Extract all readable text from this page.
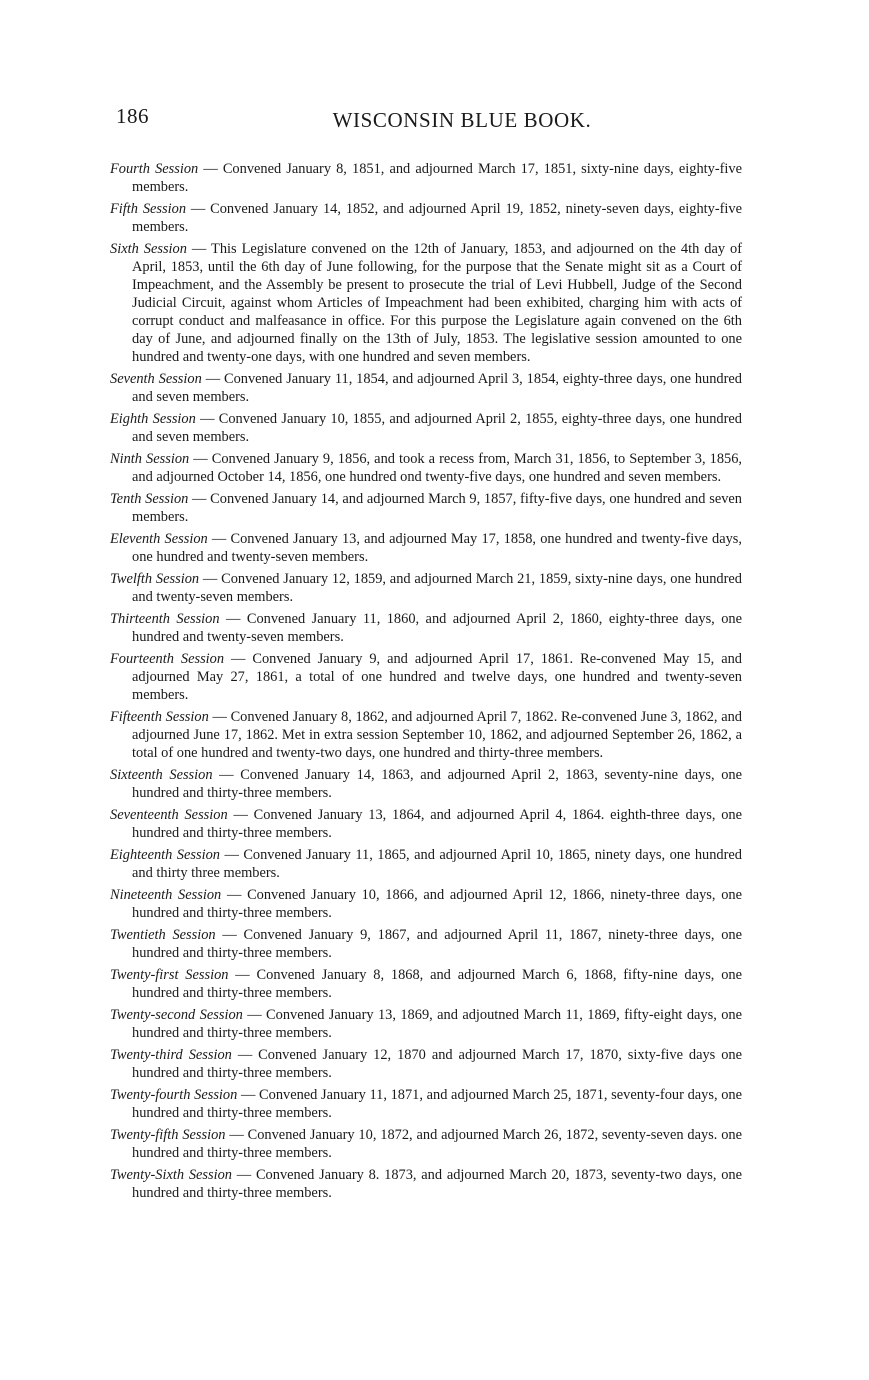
186	WISCONSIN BLUE BOOK.

Fourth Session — Convened January 8, 1851, and adjourned March 17, 1851, sixty-nine days, eighty-five members.

Fifth Session — Convened January 14, 1852, and adjourned April 19, 1852, ninety-seven days, eighty-five members.

Sixth Session — This Legislature convened on the 12th of January, 1853, and adjourned on the 4th day of April, 1853, until the 6th day of June following, for the purpose that the Senate might sit as a Court of Impeachment, and the Assembly be present to prosecute the trial of Levi Hubbell, Judge of the Second Judicial Circuit, against whom Articles of Impeachment had been exhibited, charging him with acts of corrupt conduct and malfeasance in office. For this purpose the Legislature again convened on the 6th day of June, and adjourned finally on the 13th of July, 1853. The legislative session amounted to one hundred and twenty-one days, with one hundred and seven members.

Seventh Session — Convened January 11, 1854, and adjourned April 3, 1854, eighty-three days, one hundred and seven members.

Eighth Session — Convened January 10, 1855, and adjourned April 2, 1855, eighty-three days, one hundred and seven members.

Ninth Session — Convened January 9, 1856, and took a recess from, March 31, 1856, to September 3, 1856, and adjourned October 14, 1856, one hundred ond twenty-five days, one hundred and seven members.

Tenth Session — Convened January 14, and adjourned March 9, 1857, fifty-five days, one hundred and seven members.

Eleventh Session — Convened January 13, and adjourned May 17, 1858, one hundred and twenty-five days, one hundred and twenty-seven members.

Twelfth Session — Convened January 12, 1859, and adjourned March 21, 1859, sixty-nine days, one hundred and twenty-seven members.

Thirteenth Session — Convened January 11, 1860, and adjourned April 2, 1860, eighty-three days, one hundred and twenty-seven members.

Fourteenth Session — Convened January 9, and adjourned April 17, 1861. Re-convened May 15, and adjourned May 27, 1861, a total of one hundred and twelve days, one hundred and twenty-seven members.

Fifteenth Session — Convened January 8, 1862, and adjourned April 7, 1862. Re-convened June 3, 1862, and adjourned June 17, 1862. Met in extra session September 10, 1862, and adjourned September 26, 1862, a total of one hundred and twenty-two days, one hundred and thirty-three members.

Sixteenth Session — Convened January 14, 1863, and adjourned April 2, 1863, seventy-nine days, one hundred and thirty-three members.

Seventeenth Session — Convened January 13, 1864, and adjourned April 4, 1864. eighth-three days, one hundred and thirty-three members.

Eighteenth Session — Convened January 11, 1865, and adjourned April 10, 1865, ninety days, one hundred and thirty three members.

Nineteenth Session — Convened January 10, 1866, and adjourned April 12, 1866, ninety-three days, one hundred and thirty-three members.

Twentieth Session — Convened January 9, 1867, and adjourned April 11, 1867, ninety-three days, one hundred and thirty-three members.

Twenty-first Session — Convened January 8, 1868, and adjourned March 6, 1868, fifty-nine days, one hundred and thirty-three members.

Twenty-second Session — Convened January 13, 1869, and adjoutned March 11, 1869, fifty-eight days, one hundred and thirty-three members.

Twenty-third Session — Convened January 12, 1870 and adjourned March 17, 1870, sixty-five days one hundred and thirty-three members.

Twenty-fourth Session — Convened January 11, 1871, and adjourned March 25, 1871, seventy-four days, one hundred and thirty-three members.

Twenty-fifth Session — Convened January 10, 1872, and adjourned March 26, 1872, seventy-seven days. one hundred and thirty-three members.

Twenty-Sixth Session — Convened January 8. 1873, and adjourned March 20, 1873, seventy-two days, one hundred and thirty-three members.
